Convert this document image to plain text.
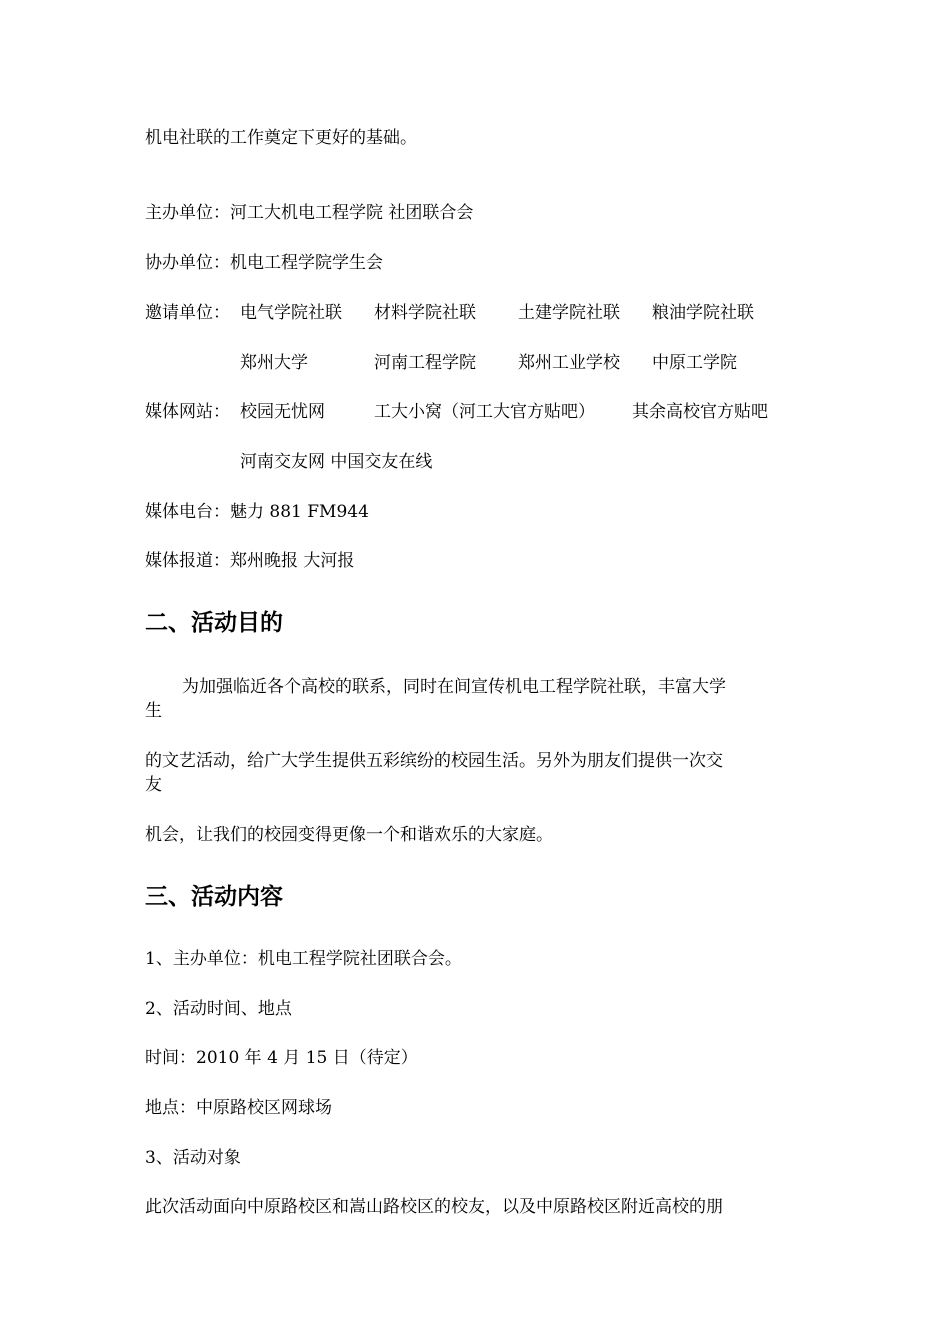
机电社联的工作奠定下更好的基础。
主办单位：河工大机电工程学院 社团联合会
协办单位：机电工程学院学生会
邀请单位： 电气学院社联 材料学院社联 土建学院社联 粮油学院社联
郑州大学	河南工程学院 郑州工业学校 中原工学院
媒体网站： 校园无忧网	工大小窝（河工大官方贴吧） 其余高校官方贴吧
河南交友网 中国交友在线
媒体电台：魅力 881 FM944
媒体报道：郑州晚报 大河报
二、活动目的
为加强临近各个高校的联系，同时在间宣传机电工程学院社联，丰富大学
生
的文艺活动，给广大学生提供五彩缤纷的校园生活。另外为朋友们提供一次交
友
机会，让我们的校园变得更像一个和谐欢乐的大家庭。
三、活动内容
1、主办单位：机电工程学院社团联合会。
2、活动时间、地点
时间：2010 年 4 月 15 日（待定）
地点：中原路校区网球场
3、活动对象
此次活动面向中原路校区和嵩山路校区的校友，以及中原路校区附近高校的朋
